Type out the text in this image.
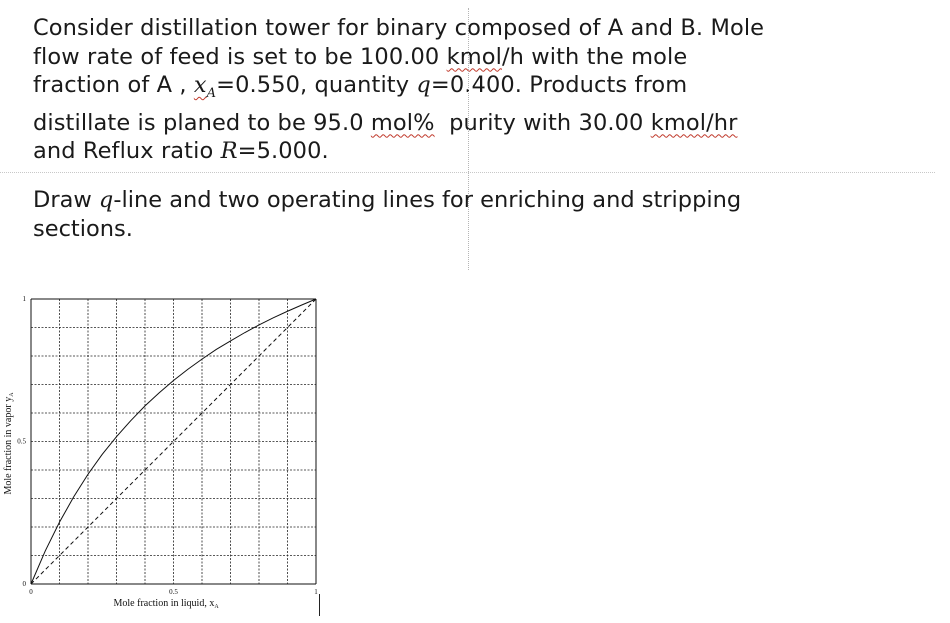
Consider distillation tower for binary composed of A and B. Mole
flow rate of feed is set to be 100.00 kmol/h with the mole
fraction of A , $x_A=0.550$, quantity q=0.400. Products from
distillate is planed to be 95.0 mol%  purity with 30.00 kmol/hr
and Reflux ratio R=5.000.
Draw q-line and two operating lines for enriching and stripping
sections.
0	0.5	1
0
0.5
1
Mole fraction in liquid, $x_A$
Mole fraction in vapor $y_A$
